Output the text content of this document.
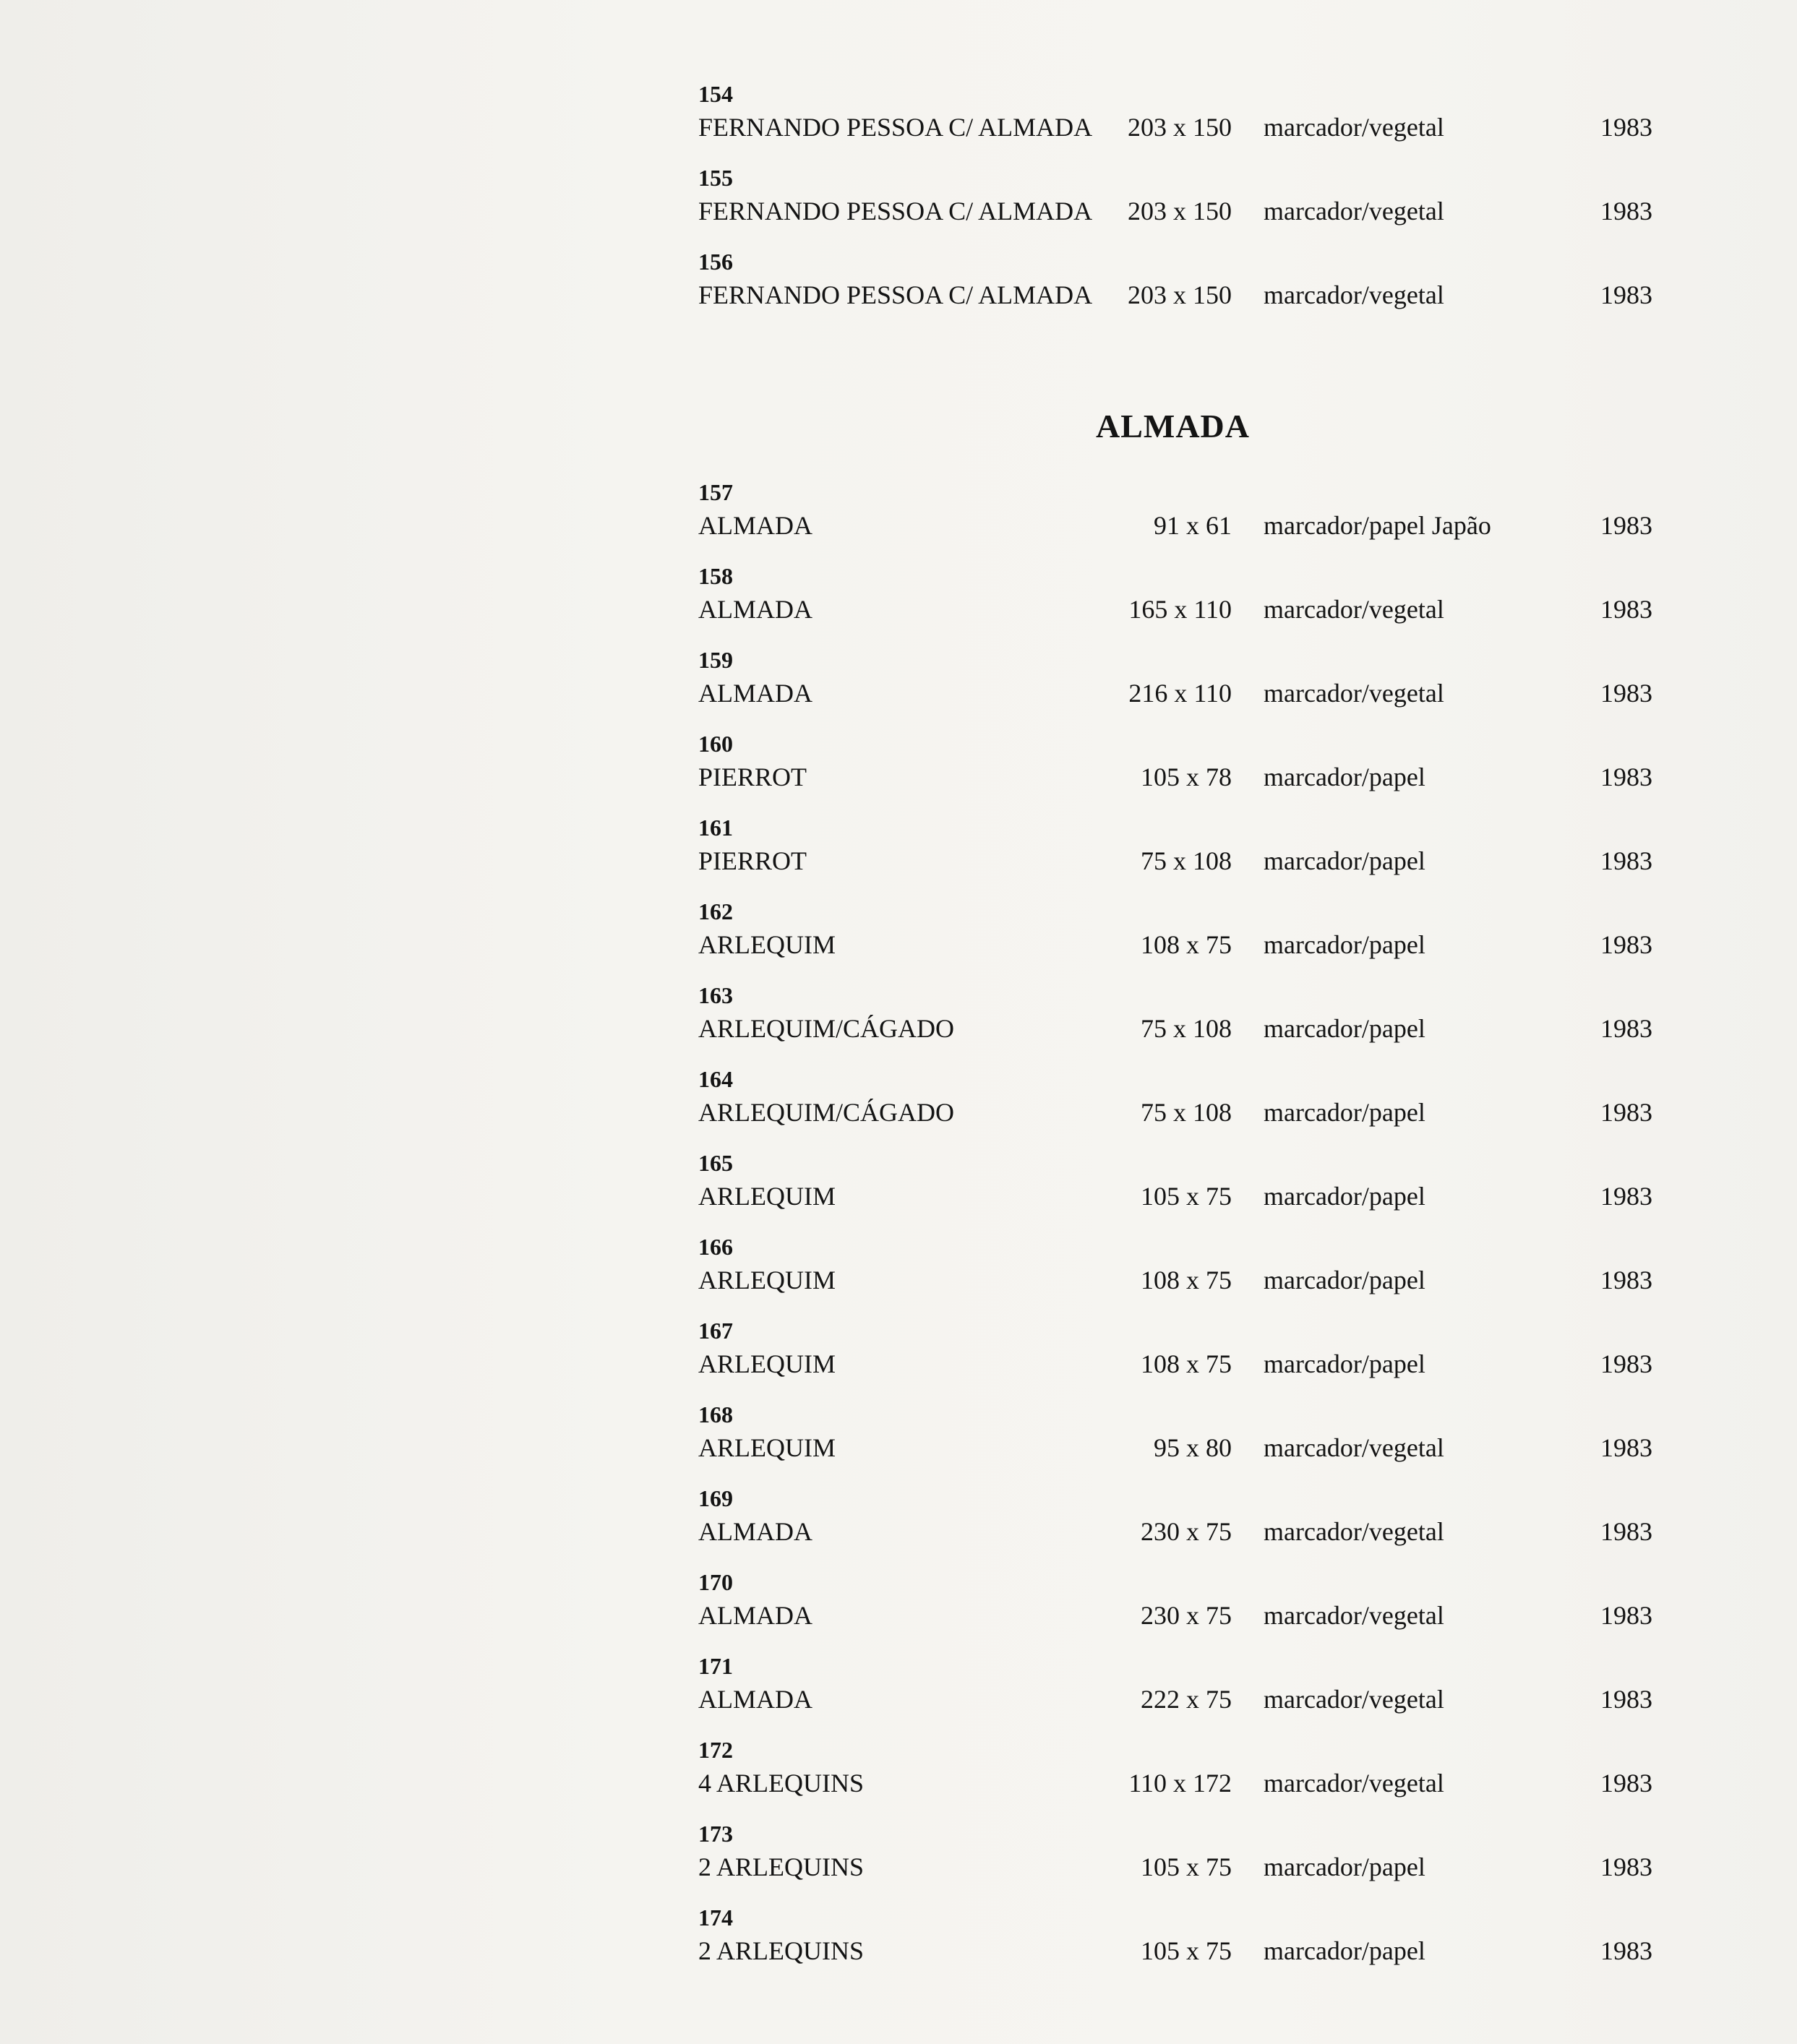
ALMADA
154
FERNANDO PESSOA C/ ALMADA 203 x 150 marcador/vegetal	1983
155
FERNANDO PESSOA C/ ALMADA 203 x 150 marcador/vegetal	1983
156
FERNANDO PESSOA C/ ALMADA 203 x 150 marcador/vegetal	1983
157
ALMADA	91 x 61 marcador/papel Japão	1983
158
ALMADA	165 x 110 marcador/vegetal	1983
159
ALMADA	216 x 110 marcador/vegetal	1983
160
PIERROT	105 x 78 marcador/papel	1983
161
PIERROT	75 x 108 marcador/papel	1983
162
ARLEQUIM	108 x 75 marcador/papel	1983
163
ARLEQUIM/CÁGADO	75 x 108 marcador/papel	1983
164
ARLEQUIM/CÁGADO	75 x 108 marcador/papel	1983
165
ARLEQUIM	105 x 75 marcador/papel	1983
166
ARLEQUIM	108 x 75 marcador/papel	1983
167
ARLEQUIM	108 x 75 marcador/papel	1983
168
ARLEQUIM	95 x 80 marcador/vegetal	1983
169
ALMADA	230 x 75 marcador/vegetal	1983
170
ALMADA	230 x 75 marcador/vegetal	1983
171
ALMADA	222 x 75 marcador/vegetal	1983
172
4 ARLEQUINS	110 x 172 marcador/vegetal	1983
173
2 ARLEQUINS	105 x 75 marcador/papel	1983
174
2 ARLEQUINS	105 x 75 marcador/papel	1983
